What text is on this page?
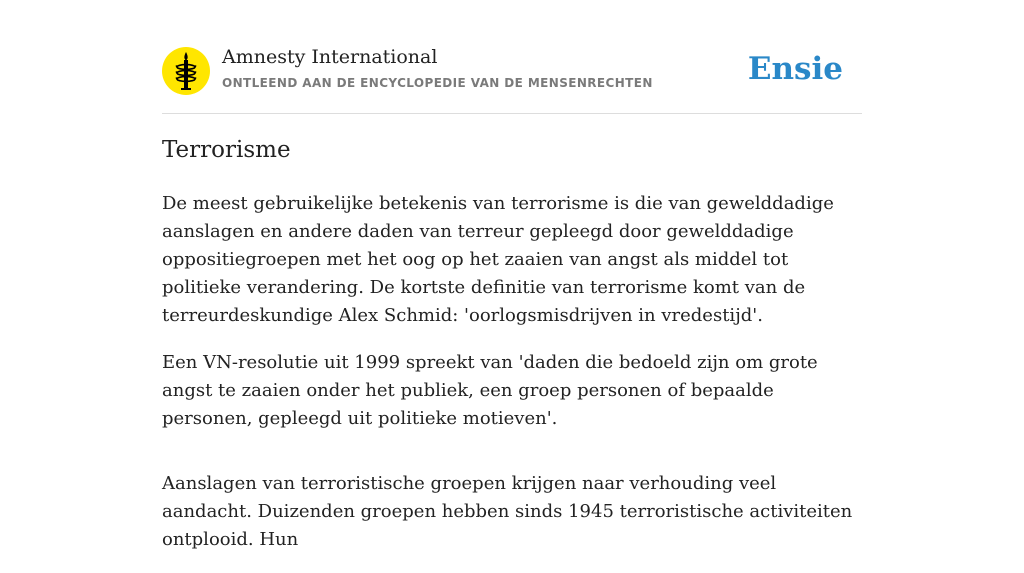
Amnesty International
ONTLEEND AAN DE ENCYCLOPEDIE VAN DE MENSENRECHTEN	Ensie
Terrorisme

De meest gebruikelijke betekenis van terrorisme is die van gewelddadige aanslagen en andere daden van terreur gepleegd door gewelddadige oppositiegroepen met het oog op het zaaien van angst als middel tot politieke verandering. De kortste definitie van terrorisme komt van de terreurdeskundige Alex Schmid: 'oorlogsmisdrijven in vredestijd'.

Een VN-resolutie uit 1999 spreekt van 'daden die bedoeld zijn om grote angst te zaaien onder het publiek, een groep personen of bepaalde personen, gepleegd uit politieke motieven'.

Aanslagen van terroristische groepen krijgen naar verhouding veel aandacht. Duizenden groepen hebben sinds 1945 terroristische activiteiten ontplooid. Hun
